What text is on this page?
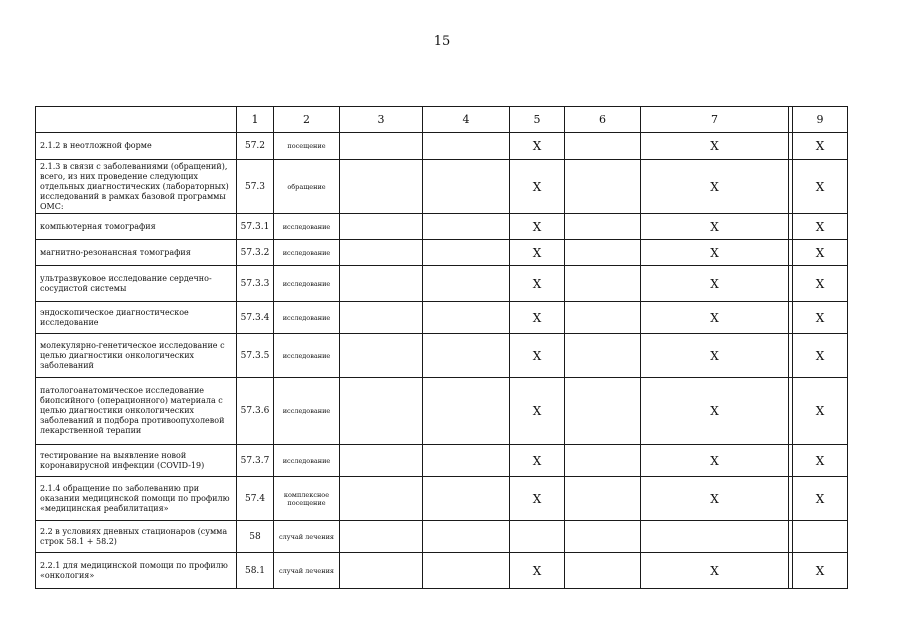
15
	1	2	3	4	5	6	7		9
2.1.2 в неотложной форме	57.2	посещение			X		X		X
2.1.3 в связи с заболеваниями (обращений), всего, из них проведение следующих отдельных диагностических (лабораторных) исследований в рамках базовой программы ОМС:	57.3	обращение			X		X		X
компьютерная томография	57.3.1	исследование			X		X		X
магнитно-резонансная томография	57.3.2	исследование			X		X		X
ультразвуковое исследование сердечно-сосудистой системы	57.3.3	исследование			X		X		X
эндоскопическое диагностическое исследование	57.3.4	исследование			X		X		X
молекулярно-генетическое исследование с целью диагностики онкологических заболеваний	57.3.5	исследование			X		X		X
патологоанатомическое исследование биопсийного (операционного) материала с целью диагностики онкологических заболеваний и подбора противоопухолевой лекарственной терапии	57.3.6	исследование			X		X		X
тестирование на выявление новой коронавирусной инфекции (COVID-19)	57.3.7	исследование			X		X		X
2.1.4 обращение по заболеванию при оказании медицинской помощи по профилю «медицинская реабилитация»	57.4	комплексное посещение			X		X		X
2.2 в условиях дневных стационаров (сумма строк 58.1 + 58.2)	58	случай лечения							
2.2.1 для медицинской помощи по профилю «онкология»	58.1	случай лечения			X		X		X
